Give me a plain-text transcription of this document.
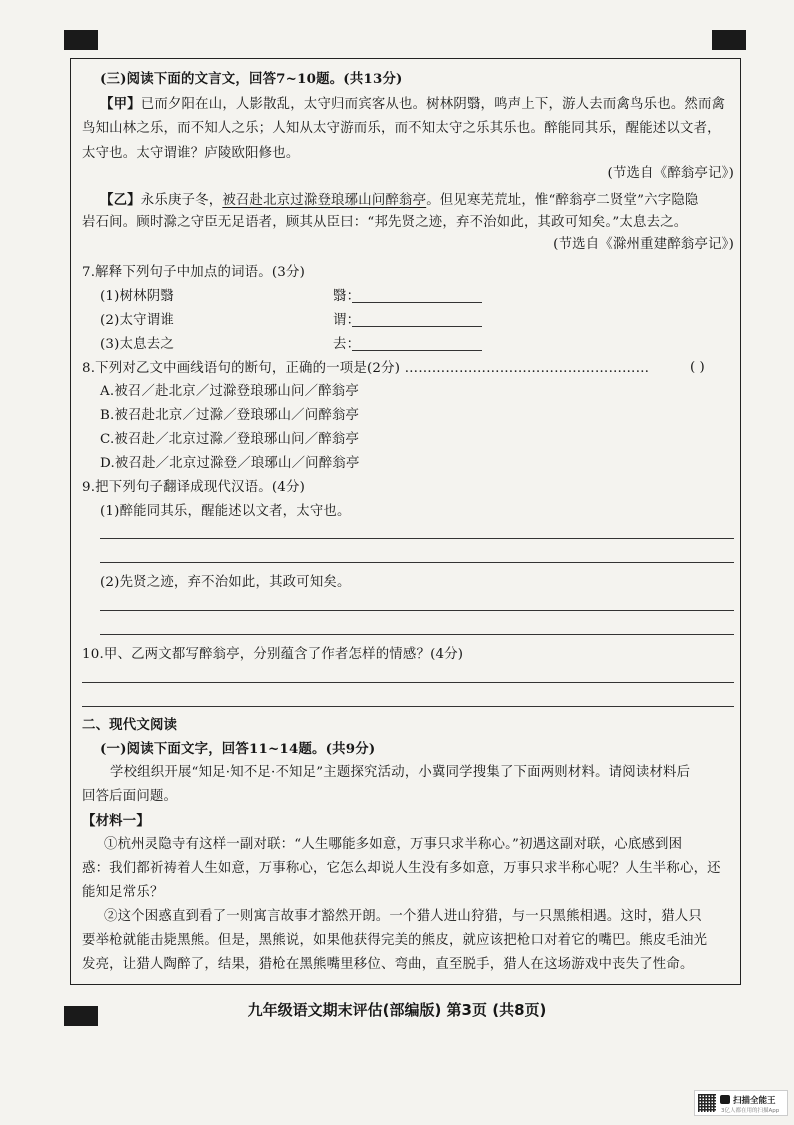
(三)阅读下面的文言文，回答7~10题。(共13分)
【甲】已而夕阳在山，人影散乱，太守归而宾客从也。树林阴翳，鸣声上下，游人去而禽鸟乐也。然而禽
鸟知山林之乐，而不知人之乐；人知从太守游而乐，而不知太守之乐其乐也。醉能同其乐，醒能述以文者，
太守也。太守谓谁？庐陵欧阳修也。
(节选自《醉翁亭记》)
【乙】永乐庚子冬，被召赴北京过滁登琅琊山问醉翁亭。但见寒芜荒址，惟“醉翁亭二贤堂”六字隐隐
岩石间。顾时滁之守臣无足语者，顾其从臣曰：“邦先贤之迹，弃不治如此，其政可知矣。”太息去之。
(节选自《滁州重建醉翁亭记》)
7.解释下列句子中加点的词语。(3分)
(1)树林阴翳	翳：
(2)太守谓谁	谓：
(3)太息去之	去：
8.下列对乙文中画线语句的断句，正确的一项是(2分) ………………………………………………	( )
A.被召／赴北京／过滁登琅琊山问／醉翁亭
B.被召赴北京／过滁／登琅琊山／问醉翁亭
C.被召赴／北京过滁／登琅琊山问／醉翁亭
D.被召赴／北京过滁登／琅琊山／问醉翁亭
9.把下列句子翻译成现代汉语。(4分)
(1)醉能同其乐，醒能述以文者，太守也。
(2)先贤之迹，弃不治如此，其政可知矣。
10.甲、乙两文都写醉翁亭，分别蕴含了作者怎样的情感？(4分)
二、现代文阅读
(一)阅读下面文字，回答11~14题。(共9分)
学校组织开展“知足·知不足·不知足”主题探究活动，小冀同学搜集了下面两则材料。请阅读材料后
回答后面问题。
【材料一】
①杭州灵隐寺有这样一副对联：“人生哪能多如意，万事只求半称心。”初遇这副对联，心底感到困
惑：我们都祈祷着人生如意，万事称心，它怎么却说人生没有多如意，万事只求半称心呢？人生半称心，还
能知足常乐？
②这个困惑直到看了一则寓言故事才豁然开朗。一个猎人进山狩猎，与一只黑熊相遇。这时，猎人只
要举枪就能击毙黑熊。但是，黑熊说，如果他获得完美的熊皮，就应该把枪口对着它的嘴巴。熊皮毛油光
发亮，让猎人陶醉了，结果，猎枪在黑熊嘴里移位、弯曲，直至脱手，猎人在这场游戏中丧失了性命。
九年级语文期末评估(部编版) 第3页 (共8页)
扫描全能王
3亿人都在用的扫描App
